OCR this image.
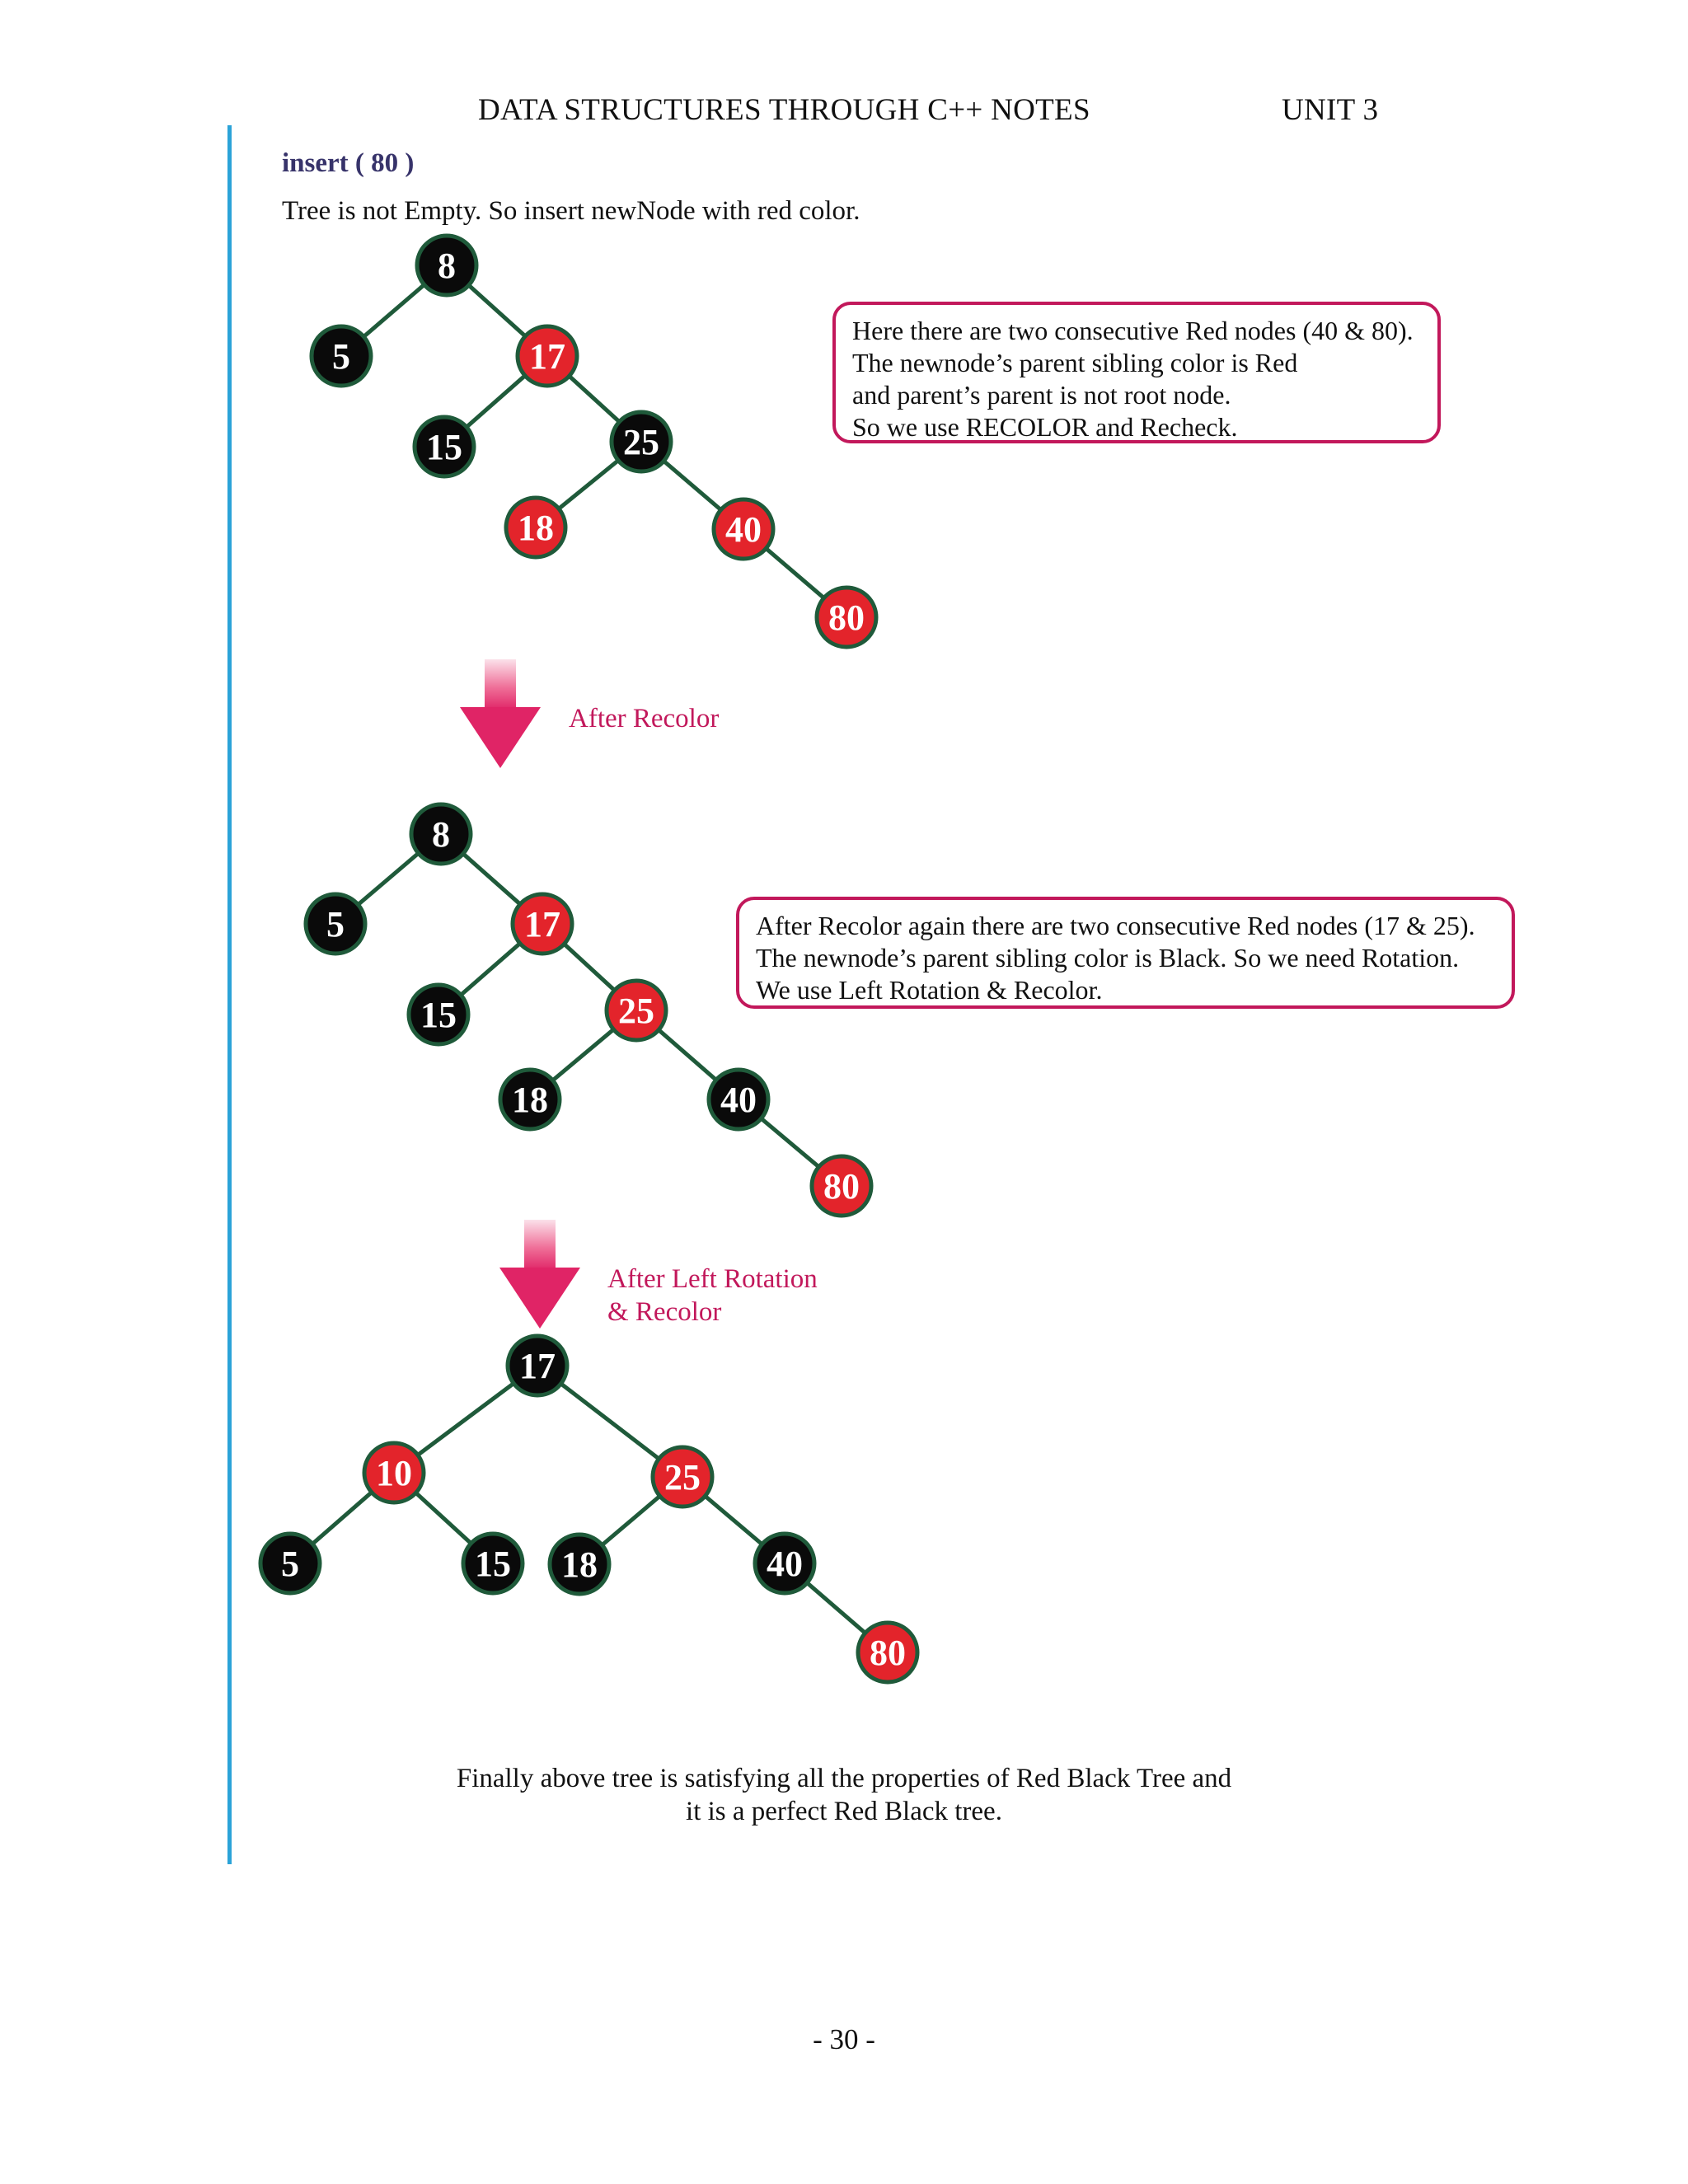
DATA STRUCTURES THROUGH C++ NOTES	UNIT 3
insert ( 80 )
Tree is not Empty. So insert newNode with red color.
Here there are two consecutive Red nodes (40 & 80).
The newnode’s parent sibling color is Red
and parent’s parent is not root node.
So we use RECOLOR and Recheck.
After Recolor again there are two consecutive Red nodes (17 & 25).
The newnode’s parent sibling color is Black. So we need Rotation.
We use Left Rotation & Recolor.
After Recolor
After Left Rotation
& Recolor
8
5	17
15	25
18	40
80
8
5	17
15	25
18	40
80
17
10	25
5	15 18	40
80
Finally above tree is satisfying all the properties of Red Black Tree and
it is a perfect Red Black tree.
- 30 -
